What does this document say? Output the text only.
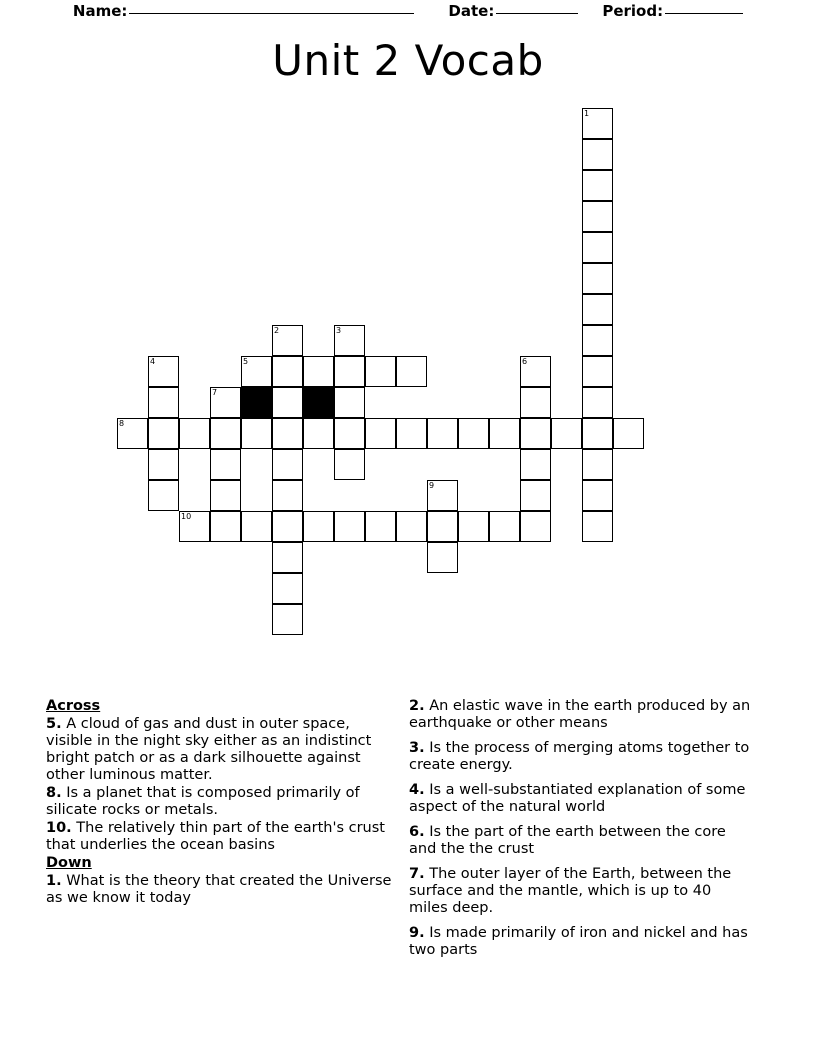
Name:	Date:	Period:
Unit 2 Vocab
1
2	3
4	5	6
7
8
9
10
Across
5. A cloud of gas and dust in outer space, visible in the night sky either as an indistinct bright patch or as a dark silhouette against other luminous matter.
8. Is a planet that is composed primarily of silicate rocks or metals.
10. The relatively thin part of the earth's crust that underlies the ocean basins
Down
1. What is the theory that created the Universe as we know it today
2. An elastic wave in the earth produced by an earthquake or other means
3. Is the process of merging atoms together to create energy.
4. Is a well-substantiated explanation of some aspect of the natural world
6. Is the part of the earth between the core and the the crust
7. The outer layer of the Earth, between the surface and the mantle, which is up to 40 miles deep.
9. Is made primarily of iron and nickel and has two parts
